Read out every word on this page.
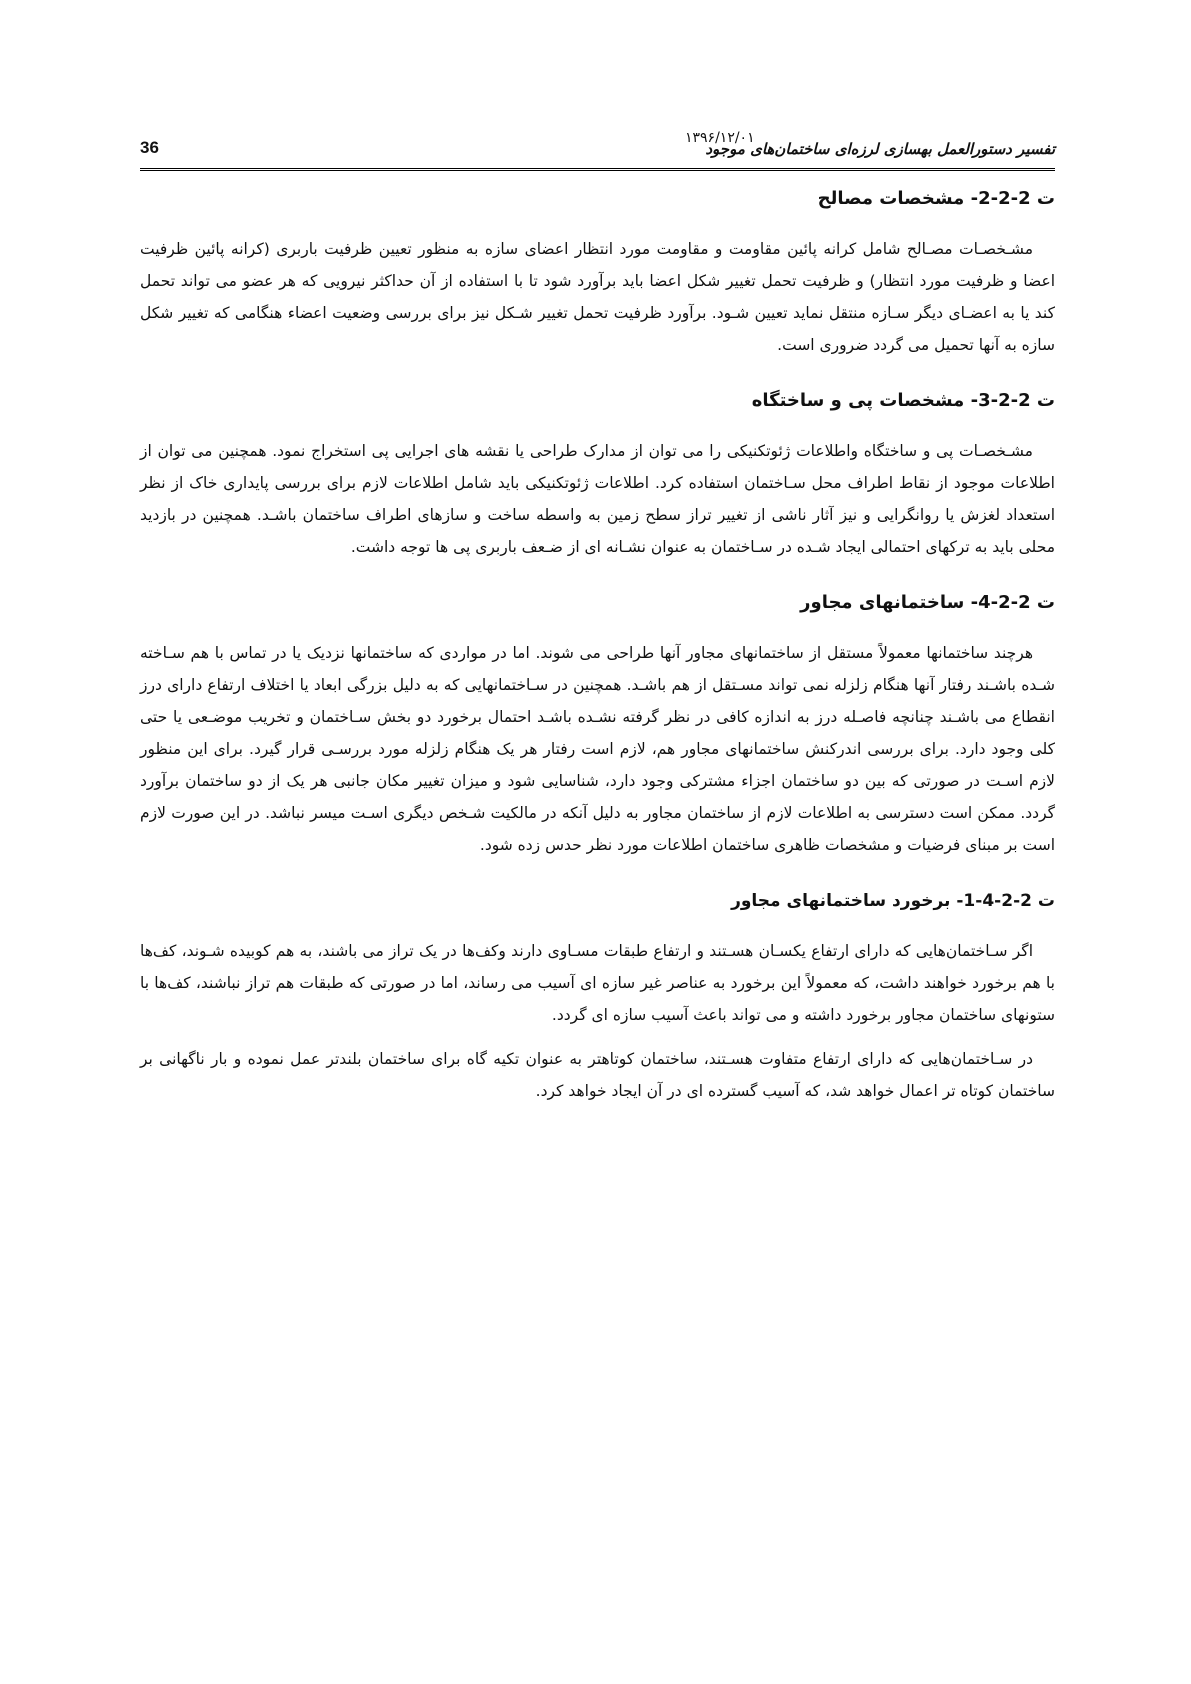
36	۱۳۹۶/۱۲/۰۱
تفسیر دستورالعمل بهسازی لرزه‌ای ساختمان‌های موجود
ت 2-2-2- مشخصات مصالح

مشـخصـات مصـالح شامل کرانه پائین مقاومت و مقاومت مورد انتظار اعضای سازه به منظور تعیین ظرفیت باربری (کرانه پائین ظرفیت اعضا و ظرفیت مورد انتظار) و ظرفیت تحمل تغییر شکل اعضا باید برآورد شود تا با استفاده از آن حداکثر نیرویی که هر عضو می تواند تحمل کند یا به اعضـای دیگر سـازه منتقل نماید تعیین شـود. برآورد ظرفیت تحمل تغییر شـکل نیز برای بررسی وضعیت اعضاء هنگامی که تغییر شکل سازه به آنها تحمیل می گردد ضروری است.

ت 2-2-3- مشخصات پی و ساختگاه

مشـخصـات پی و ساختگاه واطلاعات ژئوتکنیکی را می توان از مدارک طراحی یا نقشه های اجرایی پی استخراج نمود. همچنین می توان از اطلاعات موجود از نقاط اطراف محل سـاختمان استفاده کرد. اطلاعات ژئوتکنیکی باید شامل اطلاعات لازم برای بررسی پایداری خاک از نظر استعداد لغزش یا روانگرایی و نیز آثار ناشی از تغییر تراز سطح زمین به واسطه ساخت و سازهای اطراف ساختمان باشـد. همچنین در بازدید محلی باید به ترکهای احتمالی ایجاد شـده در سـاختمان به عنوان نشـانه ای از ضـعف باربری پی ها توجه داشت.

ت 2-2-4- ساختمانهای مجاور

هرچند ساختمانها معمولاً مستقل از ساختمانهای مجاور آنها طراحی می شوند. اما در مواردی که ساختمانها نزدیک یا در تماس با هم سـاخته شـده باشـند رفتار آنها هنگام زلزله نمی تواند مسـتقل از هم باشـد. همچنین در سـاختمانهایی که به دلیل بزرگی ابعاد یا اختلاف ارتفاع دارای درز انقطاع می باشـند چنانچه فاصـله درز به اندازه کافی در نظر گرفته نشـده باشـد احتمال برخورد دو بخش سـاختمان و تخریب موضـعی یا حتی کلی وجود دارد. برای بررسی اندرکنش ساختمانهای مجاور هم، لازم است رفتار هر یک هنگام زلزله مورد بررسـی قرار گیرد. برای این منظور لازم اسـت در صورتی که بین دو ساختمان اجزاء مشترکی وجود دارد، شناسایی شود و میزان تغییر مکان جانبی هر یک از دو ساختمان برآورد گردد. ممکن است دسترسی به اطلاعات لازم از ساختمان مجاور به دلیل آنکه در مالکیت شـخص دیگری اسـت میسر نباشد. در این صورت لازم است بر مبنای فرضیات و مشخصات ظاهری ساختمان اطلاعات مورد نظر حدس زده شود.

ت 2-2-4-1- برخورد ساختمانهای مجاور

اگر سـاختمان‌هایی که دارای ارتفاع یکسـان هسـتند و ارتفاع طبقات مسـاوی دارند وکف‌ها در یک تراز می باشند، به هم کوبیده شـوند، کف‌ها با هم برخورد خواهند داشت، که معمولاً این برخورد به عناصر غیر سازه ای آسیب می رساند، اما در صورتی که طبقات هم تراز نباشند، کف‌ها با ستونهای ساختمان مجاور برخورد داشته و می تواند باعث آسیب سازه ای گردد.

در سـاختمان‌هایی که دارای ارتفاع متفاوت هسـتند، ساختمان کوتاهتر به عنوان تکیه گاه برای ساختمان بلندتر عمل نموده و بار ناگهانی بر ساختمان کوتاه تر اعمال خواهد شد، که آسیب گسترده ای در آن ایجاد خواهد کرد.
